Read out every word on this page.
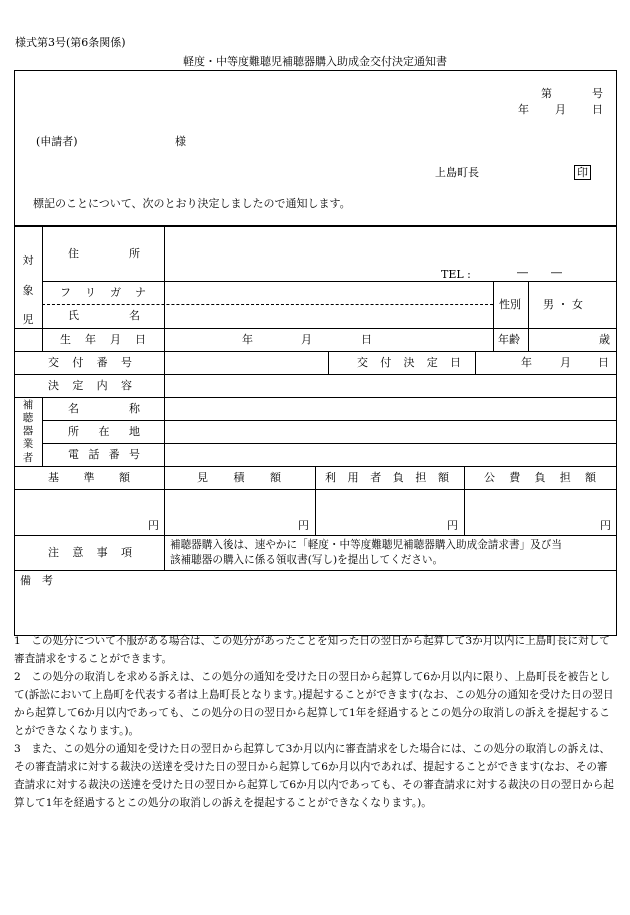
様式第3号(第6条関係)
軽度・中等度難聴児補聴器購入助成金交付決定通知書
第	号
年 月 日
(申請者)	様
上島町長	印
標記のことについて、次のとおり決定しましたので通知します。
対
象
児
住	所
TEL :	― ―
フ リ ガ ナ
氏	名
性別 男 ・ 女
生 年 月 日	年	月	日	年齢	歳
交 付 番 号	交 付 決 定 日	年	月 日
決 定 内 容
補
聴
器
業
者
名	称
所 在 地
電 話 番 号
基 準 額	見 積 額	利 用 者 負 担 額	公 費 負 担 額
円	円	円	円
注 意 事 項
補聴器購入後は、速やかに「軽度・中等度難聴児補聴器購入助成金請求書」及び当
該補聴器の購入に係る領収書(写し)を提出してください。
備　考

1　この処分について不服がある場合は、この処分があったことを知った日の翌日から起算して3か月以内に上島町長に対して審査請求をすることができます。

2　この処分の取消しを求める訴えは、この処分の通知を受けた日の翌日から起算して6か月以内に限り、上島町長を被告として(訴訟において上島町を代表する者は上島町長となります。)提起することができます(なお、この処分の通知を受けた日の翌日から起算して6か月以内であっても、この処分の日の翌日から起算して1年を経過するとこの処分の取消しの訴えを提起することができなくなります。)。

3　また、この処分の通知を受けた日の翌日から起算して3か月以内に審査請求をした場合には、この処分の取消しの訴えは、その審査請求に対する裁決の送達を受けた日の翌日から起算して6か月以内であれば、提起することができます(なお、その審査請求に対する裁決の送達を受けた日の翌日から起算して6か月以内であっても、その審査請求に対する裁決の日の翌日から起算して1年を経過するとこの処分の取消しの訴えを提起することができなくなります。)。
